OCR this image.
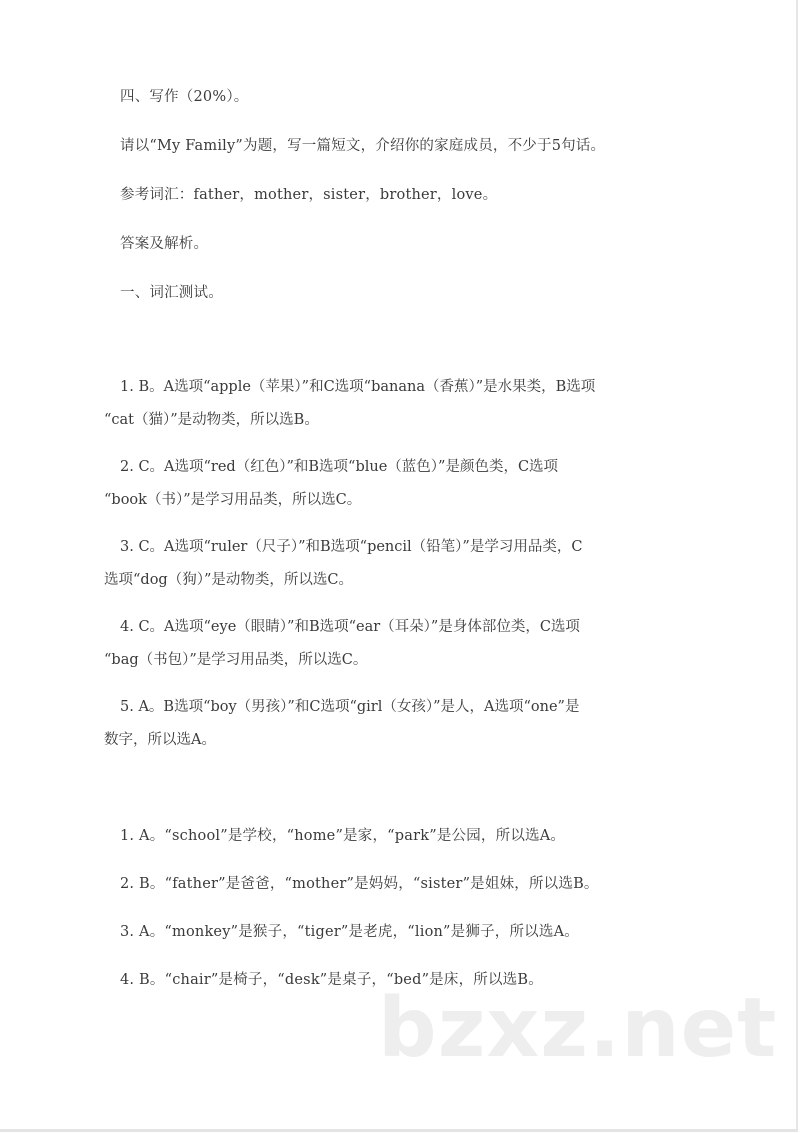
四、写作（20%）。
请以“My Family”为题，写一篇短文，介绍你的家庭成员，不少于5句话。
参考词汇：father，mother，sister，brother，love。
答案及解析。
一、词汇测试。
1. B。A选项“apple（苹果）”和C选项“banana（香蕉）”是水果类，B选项
“cat（猫）”是动物类，所以选B。
2. C。A选项“red（红色）”和B选项“blue（蓝色）”是颜色类，C选项
“book（书）”是学习用品类，所以选C。
3. C。A选项“ruler（尺子）”和B选项“pencil（铅笔）”是学习用品类，C
选项“dog（狗）”是动物类，所以选C。
4. C。A选项“eye（眼睛）”和B选项“ear（耳朵）”是身体部位类，C选项
“bag（书包）”是学习用品类，所以选C。
5. A。B选项“boy（男孩）”和C选项“girl（女孩）”是人，A选项“one”是
数字，所以选A。
1. A。“school”是学校，“home”是家，“park”是公园，所以选A。
2. B。“father”是爸爸，“mother”是妈妈，“sister”是姐妹，所以选B。
3. A。“monkey”是猴子，“tiger”是老虎，“lion”是狮子，所以选A。
4. B。“chair”是椅子，“desk”是桌子，“bed”是床，所以选B。
bzxz.net
